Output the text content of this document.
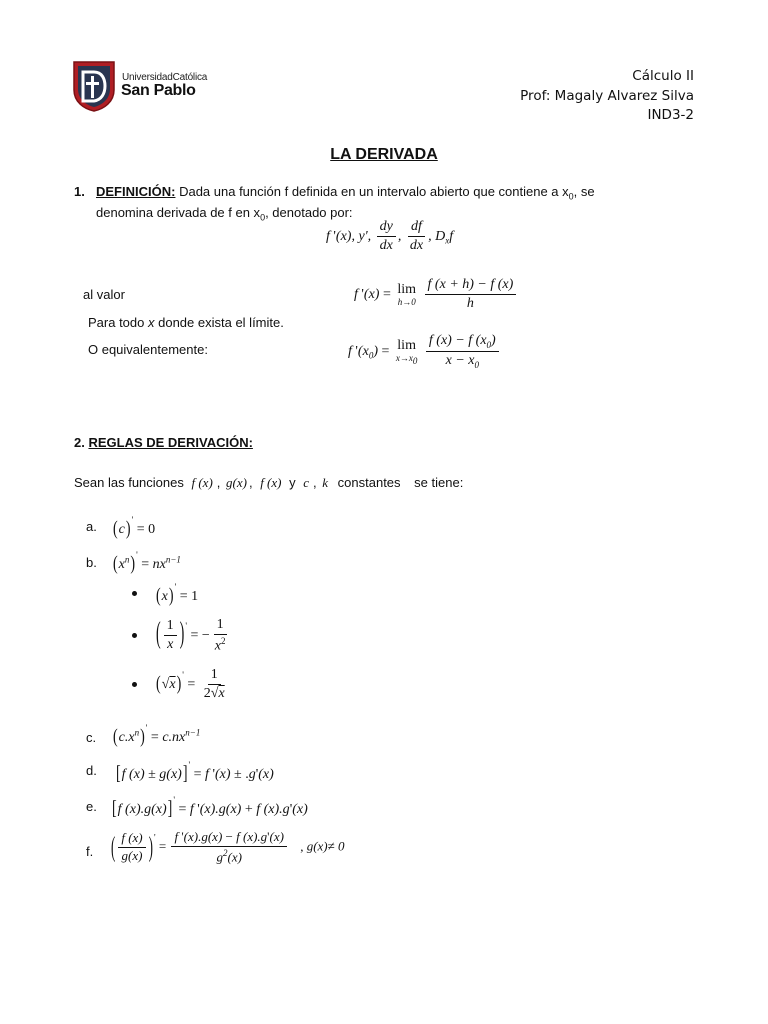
UniversidadCatólica
San Pablo
Cálculo II
Prof: Magaly Alvarez Silva
IND3-2
LA DERIVADA
1. DEFINICIÓN: Dada una función f definida en un intervalo abierto que contiene a $x_0$, se
denomina derivada de f en $x_0$, denotado por:
f '(x), y', $\frac{dy}{dx}$ , $\frac{df}{dx}$ , $D_xf$
al valor	f '(x) = lim
h→0
$\frac{f (x + h) - f (x)}{h}$
Para todo x donde exista el límite.
O equivalentemente:	f '$(x_0) = \lim$
$x\to x_0$
$\frac{f (x) - f (x_0)}{x - x_0}$
2. REGLAS DE DERIVACIÓN:
Sean las funciones f (x) , g(x) , f (x) y c , k constantes se tiene:
a. (c)' = 0
b. $(x^n)' = nx^{n-1}$
(x)' = 1
( $\frac{1}{x} )'$ = − $\frac{1}{x^2}$
$(√x)' = \frac{1}{2√x}$
c. $(c.x^n)' = c.nx^{n-1}$
d. [f (x) ± g(x)]' = f '(x) ± .g'(x)
e. [f (x).g(x)]' = f '(x).g(x) + f (x).g'(x)
f. ( $\frac{f (x)}{g(x)} )' = \frac{f '(x).g(x) - f (x).g'(x)}{g^2(x)}$ , g(x)≠ 0
